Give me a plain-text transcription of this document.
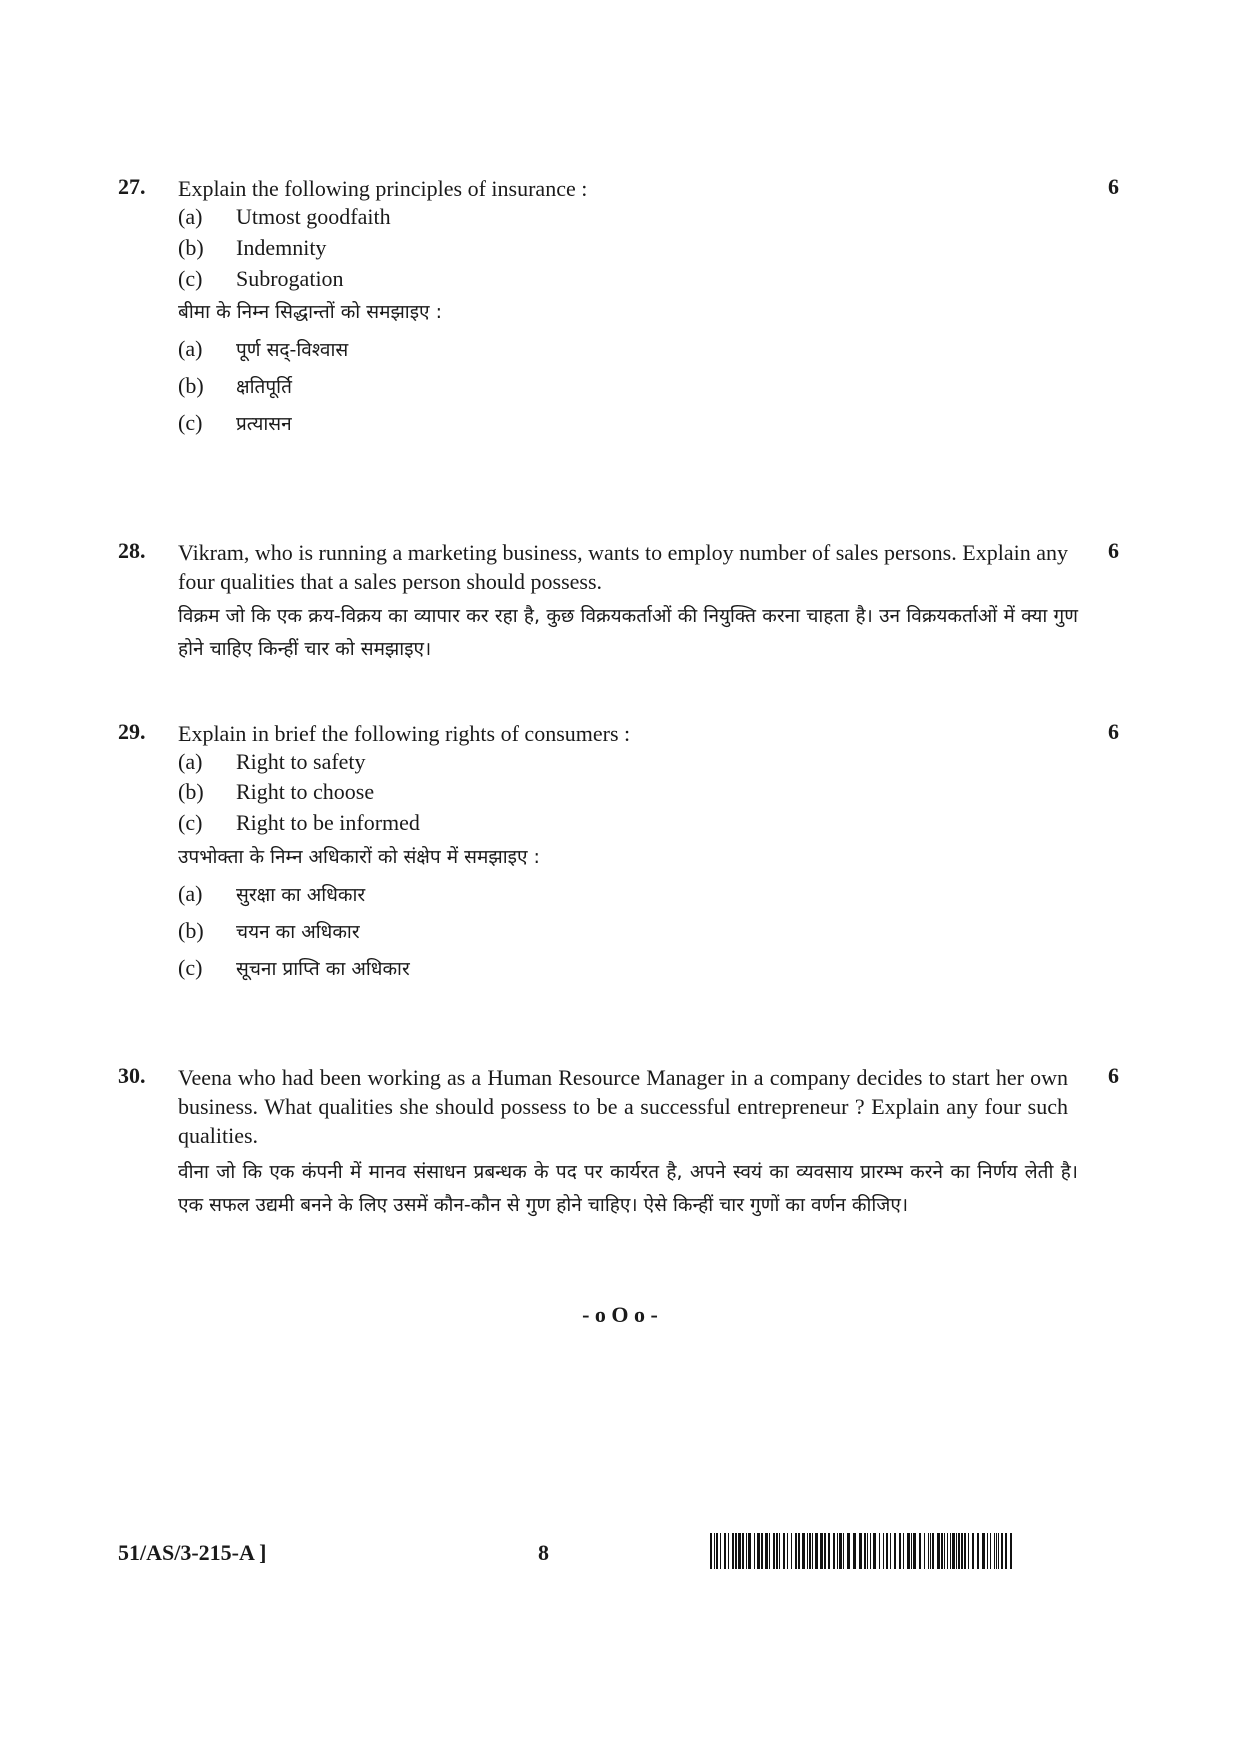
27. Explain the following principles of insurance :	6
(a)	Utmost goodfaith
(b)	Indemnity
(c)	Subrogation
बीमा के निम्न सिद्धान्तों को समझाइए :
(a)	पूर्ण सद्-विश्वास
(b)	क्षतिपूर्ति
(c)	प्रत्यासन
28. Vikram, who is running a marketing business, wants to employ number of sales persons. Explain any four qualities that a sales person should possess.
6
विक्रम जो कि एक क्रय-विक्रय का व्यापार कर रहा है, कुछ विक्रयकर्ताओं की नियुक्ति करना चाहता है। उन विक्रयकर्ताओं में क्या गुण होने चाहिए किन्हीं चार को समझाइए।
29. Explain in brief the following rights of consumers :	6
(a)	Right to safety
(b)	Right to choose
(c)	Right to be informed
उपभोक्ता के निम्न अधिकारों को संक्षेप में समझाइए :
(a)	सुरक्षा का अधिकार
(b)	चयन का अधिकार
(c)	सूचना प्राप्ति का अधिकार
30. Veena who had been working as a Human Resource Manager in a company decides to start her own business. What qualities she should possess to be a successful entrepreneur ? Explain any four such qualities.
6
वीना जो कि एक कंपनी में मानव संसाधन प्रबन्धक के पद पर कार्यरत है, अपने स्वयं का व्यवसाय प्रारम्भ करने का निर्णय लेती है। एक सफल उद्यमी बनने के लिए उसमें कौन-कौन से गुण होने चाहिए। ऐसे किन्हीं चार गुणों का वर्णन कीजिए।
- o O o -
51/AS/3-215-A ]	8
